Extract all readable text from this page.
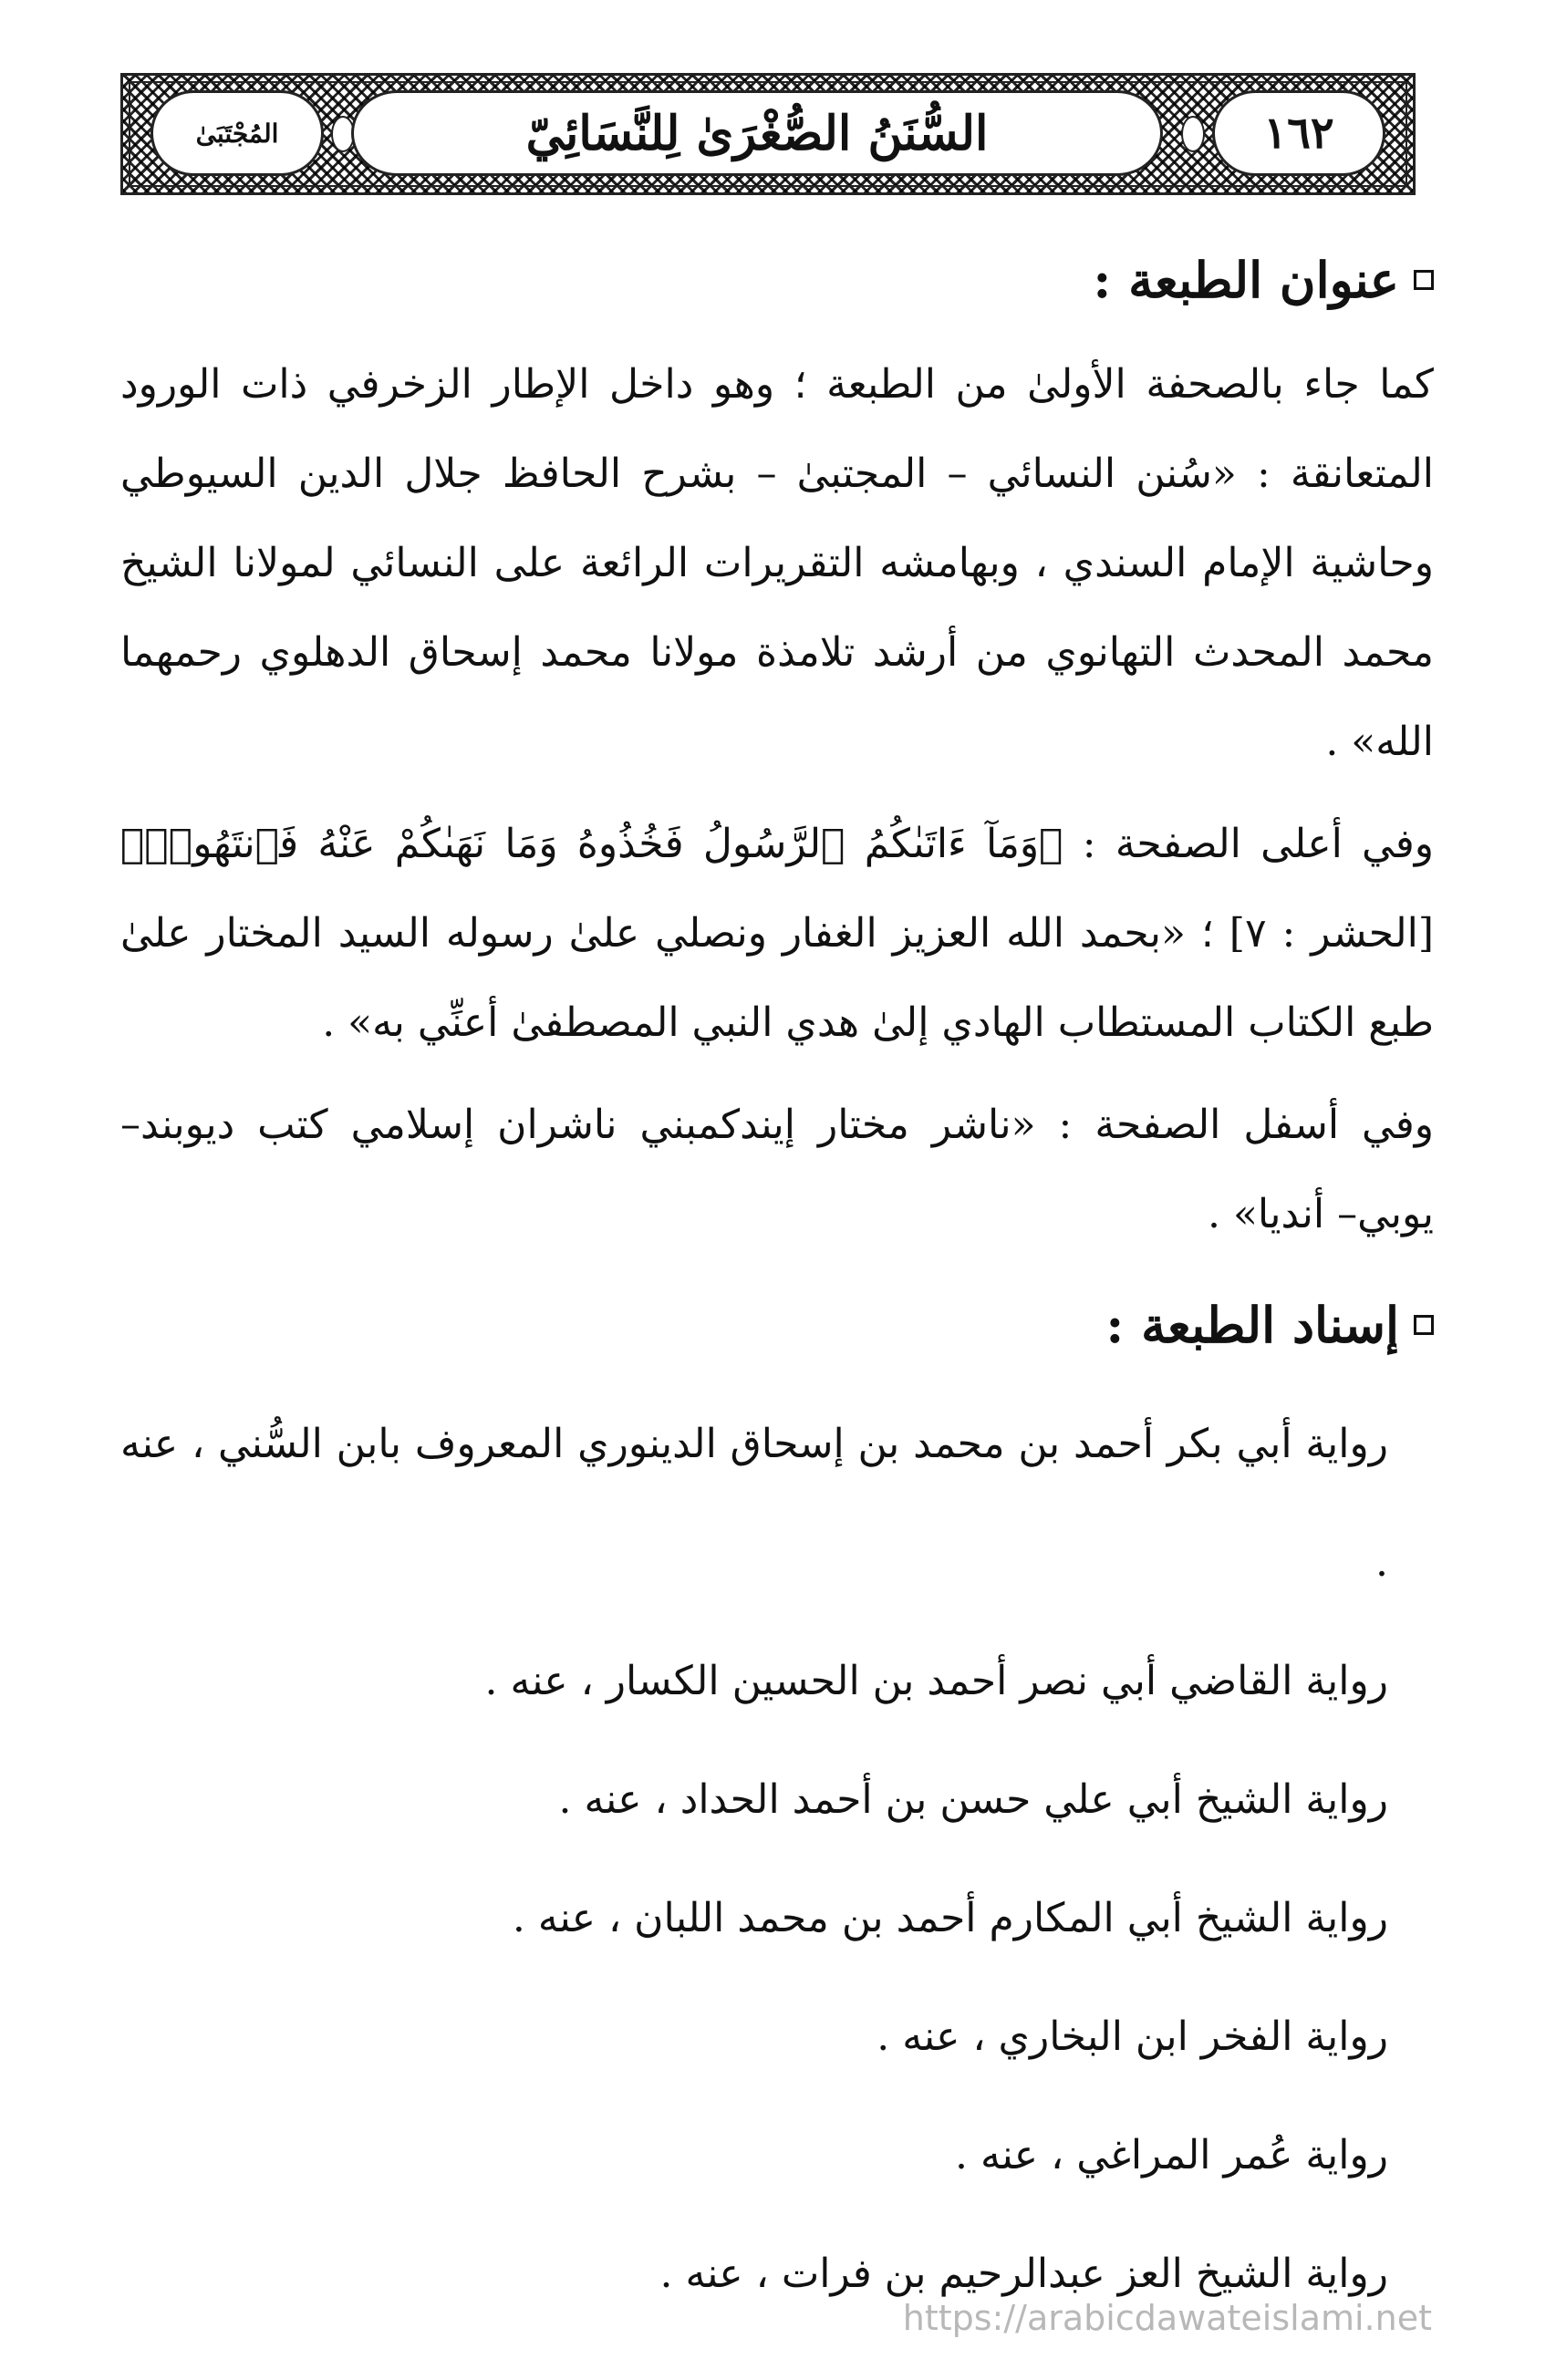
المُجْتَبَىٰ	السُّنَنُ الصُّغْرَىٰ لِلنَّسَائِيّ	١٦٢
عنوان الطبعة :

كما جاء بالصحفة الأولىٰ من الطبعة ؛ وهو داخل الإطار الزخرفي ذات الورود المتعانقة : «سُنن النسائي – المجتبىٰ – بشرح الحافظ جلال الدين السيوطي وحاشية الإمام السندي ، وبهامشه التقريرات الرائعة على النسائي لمولانا الشيخ محمد المحدث التهانوي من أرشد تلامذة مولانا محمد إسحاق الدهلوي رحمهما الله» .

وفي أعلى الصفحة : ﴿وَمَآ ءَاتَىٰكُمُ ٱلرَّسُولُ فَخُذُوهُ وَمَا نَهَىٰكُمْ عَنْهُ فَٱنتَهُوا۟﴾ [الحشر : ٧] ؛ «بحمد الله العزيز الغفار ونصلي علىٰ رسوله السيد المختار علىٰ طبع الكتاب المستطاب الهادي إلىٰ هدي النبي المصطفىٰ أعنِّي به» .

وفي أسفل الصفحة : «ناشر مختار إيندكمبني ناشران إسلامي كتب ديوبند– يوبي– أنديا» .

إسناد الطبعة :
رواية أبي بكر أحمد بن محمد بن إسحاق الدينوري المعروف بابن السُّني ، عنه .
رواية القاضي أبي نصر أحمد بن الحسين الكسار ، عنه .
رواية الشيخ أبي علي حسن بن أحمد الحداد ، عنه .
رواية الشيخ أبي المكارم أحمد بن محمد اللبان ، عنه .
رواية الفخر ابن البخاري ، عنه .
رواية عُمر المراغي ، عنه .
رواية الشيخ العز عبدالرحيم بن فرات ، عنه .
https://arabicdawateislami.net
